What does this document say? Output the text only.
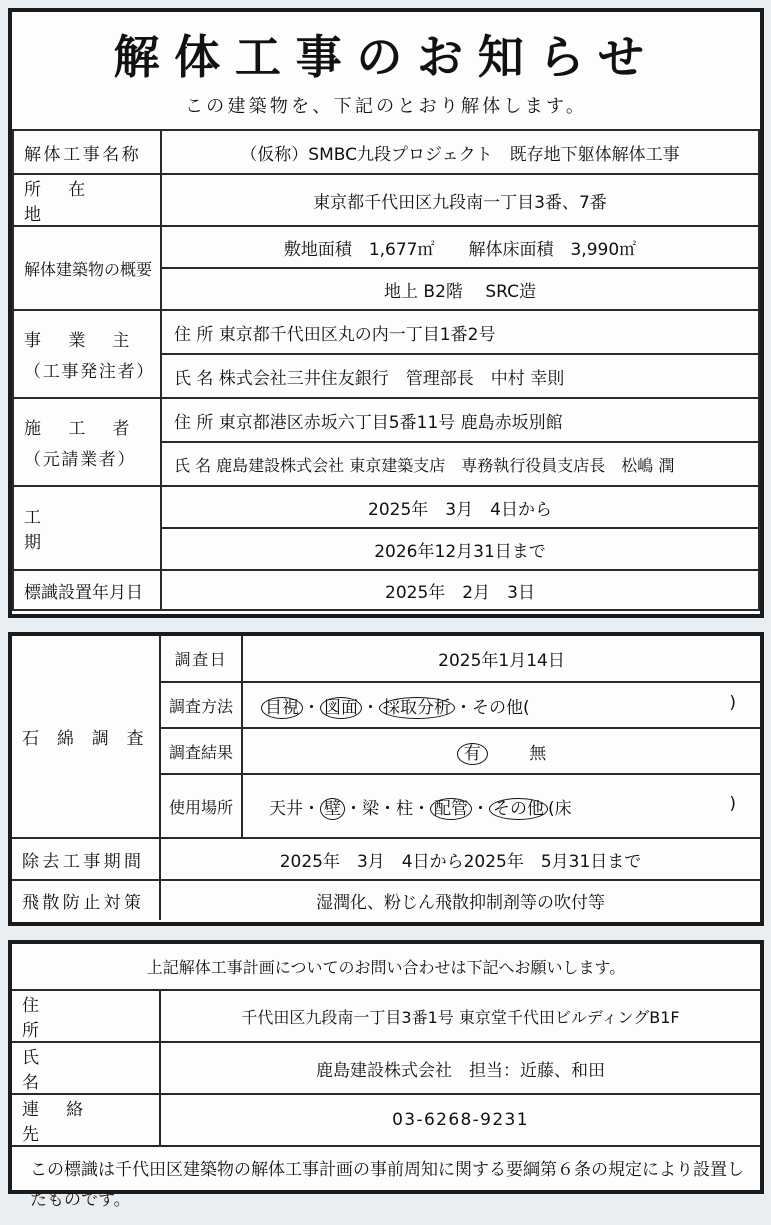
解体工事のお知らせ
この建築物を、下記のとおり解体します。
解体工事名称	（仮称）SMBC九段プロジェクト　既存地下躯体解体工事

所在地	東京都千代田区九段南一丁目3番、7番
解体建築物の概要	敷地面積　1,677㎡　　解体床面積　3,990㎡
	地上 B2階　 SRC造

事業主
（工事発注者）	住 所 東京都千代田区丸の内一丁目1番2号
	氏 名 株式会社三井住友銀行　管理部長　中村 幸則

施工者
（元請業者）	住 所 東京都港区赤坂六丁目5番11号 鹿島赤坂別館
	氏 名 鹿島建設株式会社 東京建築支店　専務執行役員支店長　松嶋 潤

工期	2025年　3月　4日から
	2026年12月31日まで
標識設置年月日	2025年　2月　3日
石綿調査	調査日	2025年1月14日
	調査方法	目視 ・ 図面 ・ 採取分析 ・その他( )

	調査結果	有 無
	使用場所	天井・ 壁 ・梁・柱・ 配管 ・ その他 (床 )

除去工事期間	2025年　3月　4日から2025年　5月31日まで	
飛散防止対策	湿潤化、粉じん飛散抑制剤等の吹付等	
上記解体工事計画についてのお問い合わせは下記へお願いします。	

住所	千代田区九段南一丁目3番1号 東京堂千代田ビルディングB1F

氏名	鹿島建設株式会社　担当：近藤、和田

連絡先	03-6268-9231
この標識は千代田区建築物の解体工事計画の事前周知に関する要綱第６条の規定により設置したものです。
